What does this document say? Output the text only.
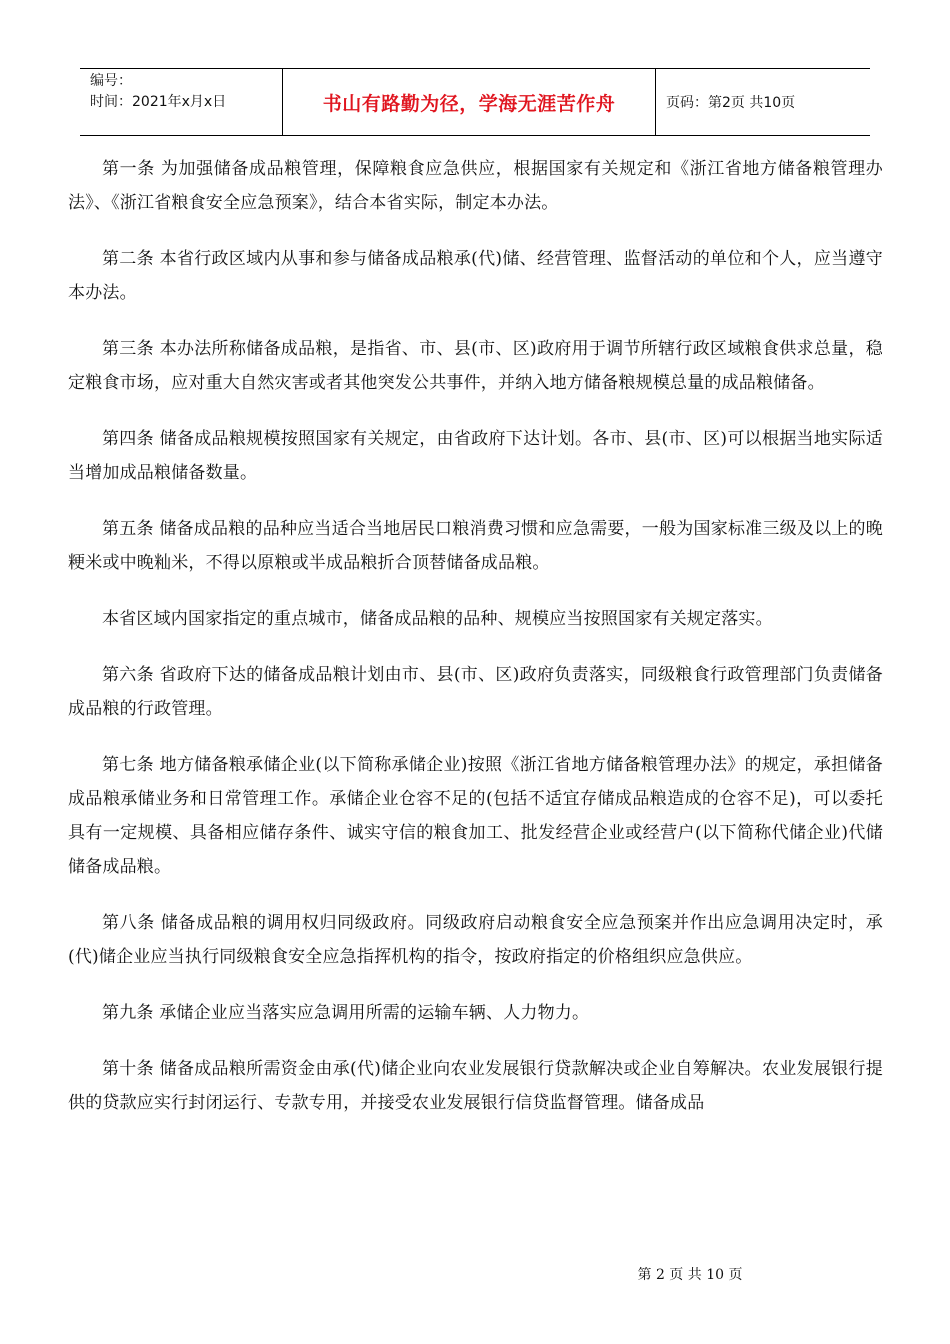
编号：
时间：2021年x月x日	书山有路勤为径，学海无涯苦作舟	页码：第2页 共10页

第一条 为加强储备成品粮管理，保障粮食应急供应，根据国家有关规定和《浙江省地方储备粮管理办法》、《浙江省粮食安全应急预案》，结合本省实际，制定本办法。

第二条 本省行政区域内从事和参与储备成品粮承(代)储、经营管理、监督活动的单位和个人，应当遵守本办法。

第三条 本办法所称储备成品粮，是指省、市、县(市、区)政府用于调节所辖行政区域粮食供求总量，稳定粮食市场，应对重大自然灾害或者其他突发公共事件，并纳入地方储备粮规模总量的成品粮储备。

第四条 储备成品粮规模按照国家有关规定，由省政府下达计划。各市、县(市、区)可以根据当地实际适当增加成品粮储备数量。

第五条 储备成品粮的品种应当适合当地居民口粮消费习惯和应急需要，一般为国家标准三级及以上的晚粳米或中晚籼米，不得以原粮或半成品粮折合顶替储备成品粮。

本省区域内国家指定的重点城市，储备成品粮的品种、规模应当按照国家有关规定落实。

第六条 省政府下达的储备成品粮计划由市、县(市、区)政府负责落实，同级粮食行政管理部门负责储备成品粮的行政管理。

第七条 地方储备粮承储企业(以下简称承储企业)按照《浙江省地方储备粮管理办法》的规定，承担储备成品粮承储业务和日常管理工作。承储企业仓容不足的(包括不适宜存储成品粮造成的仓容不足)，可以委托具有一定规模、具备相应储存条件、诚实守信的粮食加工、批发经营企业或经营户(以下简称代储企业)代储储备成品粮。

第八条 储备成品粮的调用权归同级政府。同级政府启动粮食安全应急预案并作出应急调用决定时，承(代)储企业应当执行同级粮食安全应急指挥机构的指令，按政府指定的价格组织应急供应。

第九条 承储企业应当落实应急调用所需的运输车辆、人力物力。

第十条 储备成品粮所需资金由承(代)储企业向农业发展银行贷款解决或企业自筹解决。农业发展银行提供的贷款应实行封闭运行、专款专用，并接受农业发展银行信贷监督管理。储备成品

第 2 页 共 10 页
